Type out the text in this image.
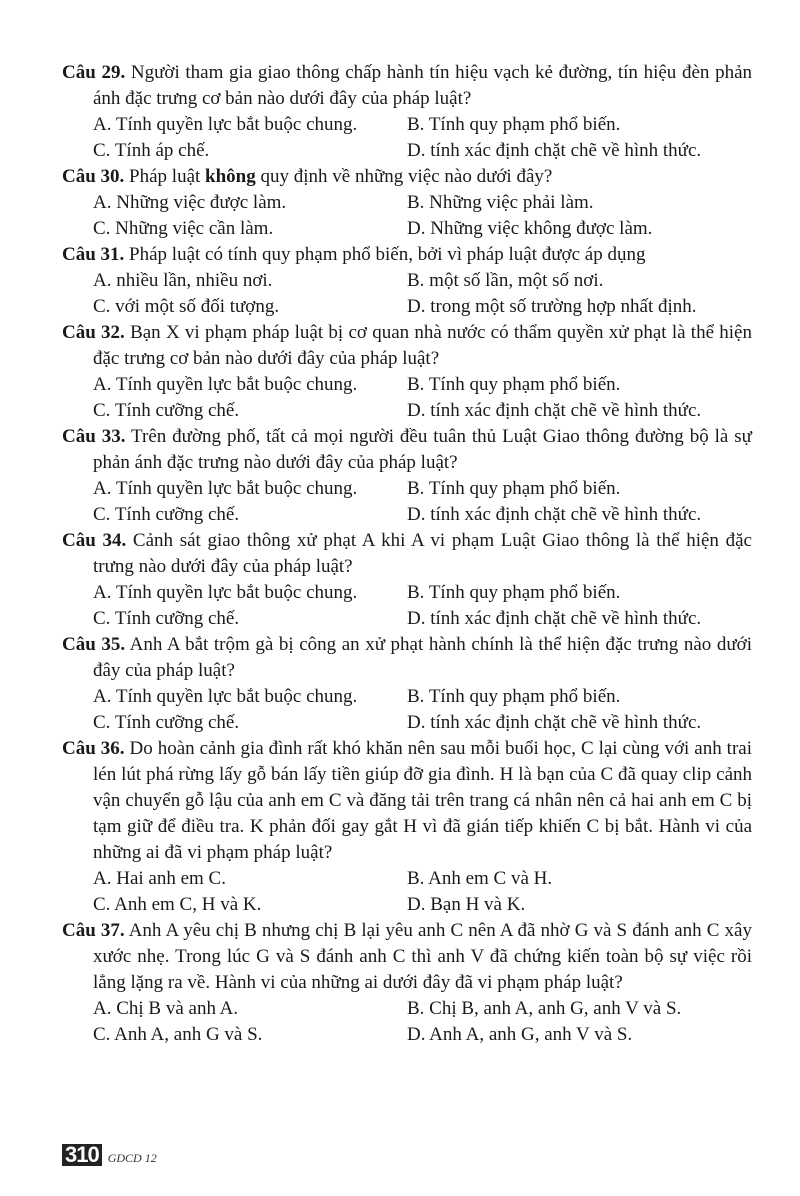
Câu 29. Người tham gia giao thông chấp hành tín hiệu vạch kẻ đường, tín hiệu đèn phản ánh đặc trưng cơ bản nào dưới đây của pháp luật?

A. Tính quyền lực bắt buộc chung.	B. Tính quy phạm phổ biến.
C. Tính áp chế.	D. tính xác định chặt chẽ về hình thức.

Câu 30. Pháp luật không quy định về những việc nào dưới đây?

A. Những việc được làm.	B. Những việc phải làm.
C. Những việc cần làm.	D. Những việc không được làm.

Câu 31. Pháp luật có tính quy phạm phổ biến, bởi vì pháp luật được áp dụng

A. nhiều lần, nhiều nơi.	B. một số lần, một số nơi.
C. với một số đối tượng.	D. trong một số trường hợp nhất định.

Câu 32. Bạn X vi phạm pháp luật bị cơ quan nhà nước có thẩm quyền xử phạt là thể hiện đặc trưng cơ bản nào dưới đây của pháp luật?

A. Tính quyền lực bắt buộc chung.	B. Tính quy phạm phổ biến.
C. Tính cưỡng chế.	D. tính xác định chặt chẽ về hình thức.

Câu 33. Trên đường phố, tất cả mọi người đều tuân thủ Luật Giao thông đường bộ là sự phản ánh đặc trưng nào dưới đây của pháp luật?

A. Tính quyền lực bắt buộc chung.	B. Tính quy phạm phổ biến.
C. Tính cưỡng chế.	D. tính xác định chặt chẽ về hình thức.

Câu 34. Cảnh sát giao thông xử phạt A khi A vi phạm Luật Giao thông là thể hiện đặc trưng nào dưới đây của pháp luật?

A. Tính quyền lực bắt buộc chung.	B. Tính quy phạm phổ biến.
C. Tính cưỡng chế.	D. tính xác định chặt chẽ về hình thức.

Câu 35. Anh A bắt trộm gà bị công an xử phạt hành chính là thể hiện đặc trưng nào dưới đây của pháp luật?

A. Tính quyền lực bắt buộc chung.	B. Tính quy phạm phổ biến.
C. Tính cưỡng chế.	D. tính xác định chặt chẽ về hình thức.

Câu 36. Do hoàn cảnh gia đình rất khó khăn nên sau mỗi buổi học, C lại cùng với anh trai lén lút phá rừng lấy gỗ bán lấy tiền giúp đỡ gia đình. H là bạn của C đã quay clip cảnh vận chuyển gỗ lậu của anh em C và đăng tải trên trang cá nhân nên cả hai anh em C bị tạm giữ để điều tra. K phản đối gay gắt H vì đã gián tiếp khiến C bị bắt. Hành vi của những ai đã vi phạm pháp luật?

A. Hai anh em C.	B. Anh em C và H.
C. Anh em C, H và K.	D. Bạn H và K.

Câu 37. Anh A yêu chị B nhưng chị B lại yêu anh C nên A đã nhờ G và S đánh anh C xây xước nhẹ. Trong lúc G và S đánh anh C thì anh V đã chứng kiến toàn bộ sự việc rồi lẳng lặng ra về. Hành vi của những ai dưới đây đã vi phạm pháp luật?

A. Chị B và anh A.	B. Chị B, anh A, anh G, anh V và S.
C. Anh A, anh G và S.	D. Anh A, anh G, anh V và S.
310 GDCD 12
